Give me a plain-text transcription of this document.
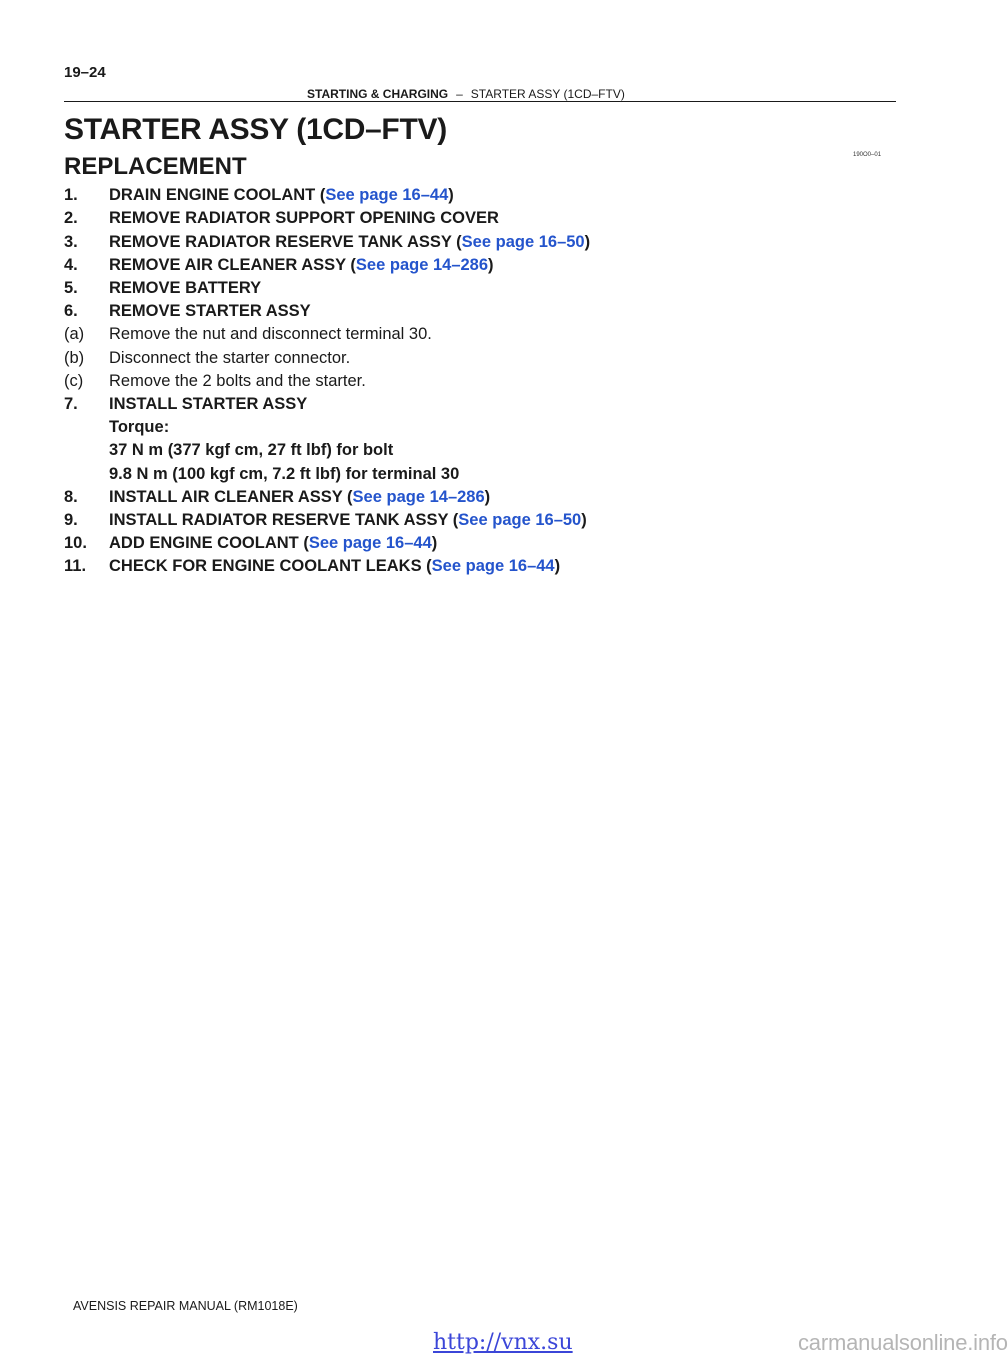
19–24
STARTING & CHARGING – STARTER ASSY (1CD–FTV)
STARTER ASSY (1CD–FTV)
190O0–01
REPLACEMENT
1. DRAIN ENGINE COOLANT (See page 16–44)
2. REMOVE RADIATOR SUPPORT OPENING COVER
3. REMOVE RADIATOR RESERVE TANK ASSY (See page 16–50)
4. REMOVE AIR CLEANER ASSY (See page 14–286)
5. REMOVE BATTERY
6. REMOVE STARTER ASSY
(a) Remove the nut and disconnect terminal 30.
(b) Disconnect the starter connector.
(c) Remove the 2 bolts and the starter.
7. INSTALL STARTER ASSY
Torque:
37 N m (377 kgf cm, 27 ft lbf) for bolt
9.8 N m (100 kgf cm, 7.2 ft lbf) for terminal 30
8. INSTALL AIR CLEANER ASSY (See page 14–286)
9. INSTALL RADIATOR RESERVE TANK ASSY (See page 16–50)
10. ADD ENGINE COOLANT (See page 16–44)
11. CHECK FOR ENGINE COOLANT LEAKS (See page 16–44)
AVENSIS REPAIR MANUAL (RM1018E)
http://vnx.su	carmanualsonline.info
